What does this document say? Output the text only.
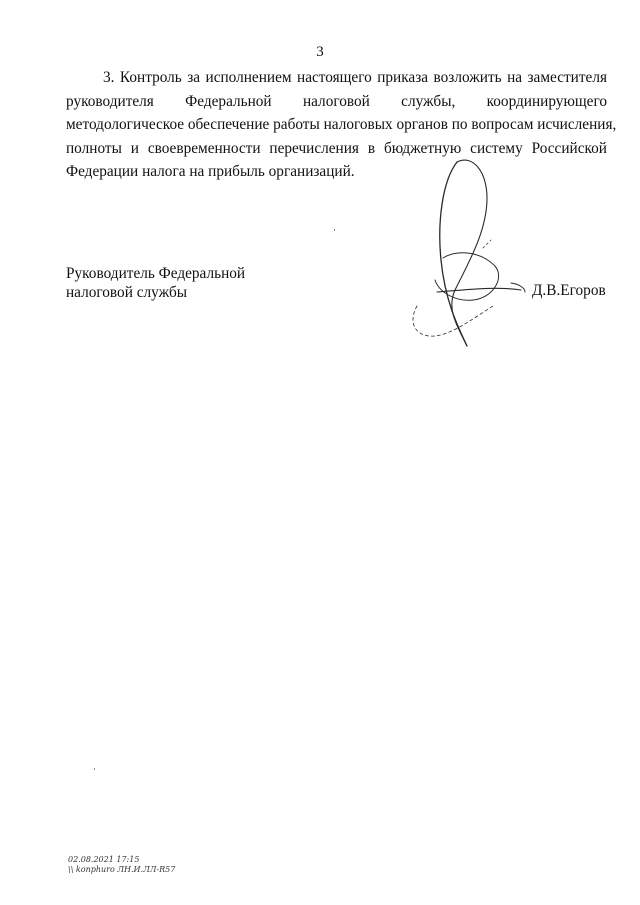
3
3. Контроль за исполнением настоящего приказа возложить на заместителя
руководителя Федеральной налоговой службы, координирующего
методологическое обеспечение работы налоговых органов по вопросам исчисления,
полноты и своевременности перечисления в бюджетную систему Российской
Федерации налога на прибыль организаций.
Руководитель Федеральной
налоговой службы	Д.В.Егоров
02.08.2021 17:15
\\ konphuro ЛН.И.ЛЛ-R57
